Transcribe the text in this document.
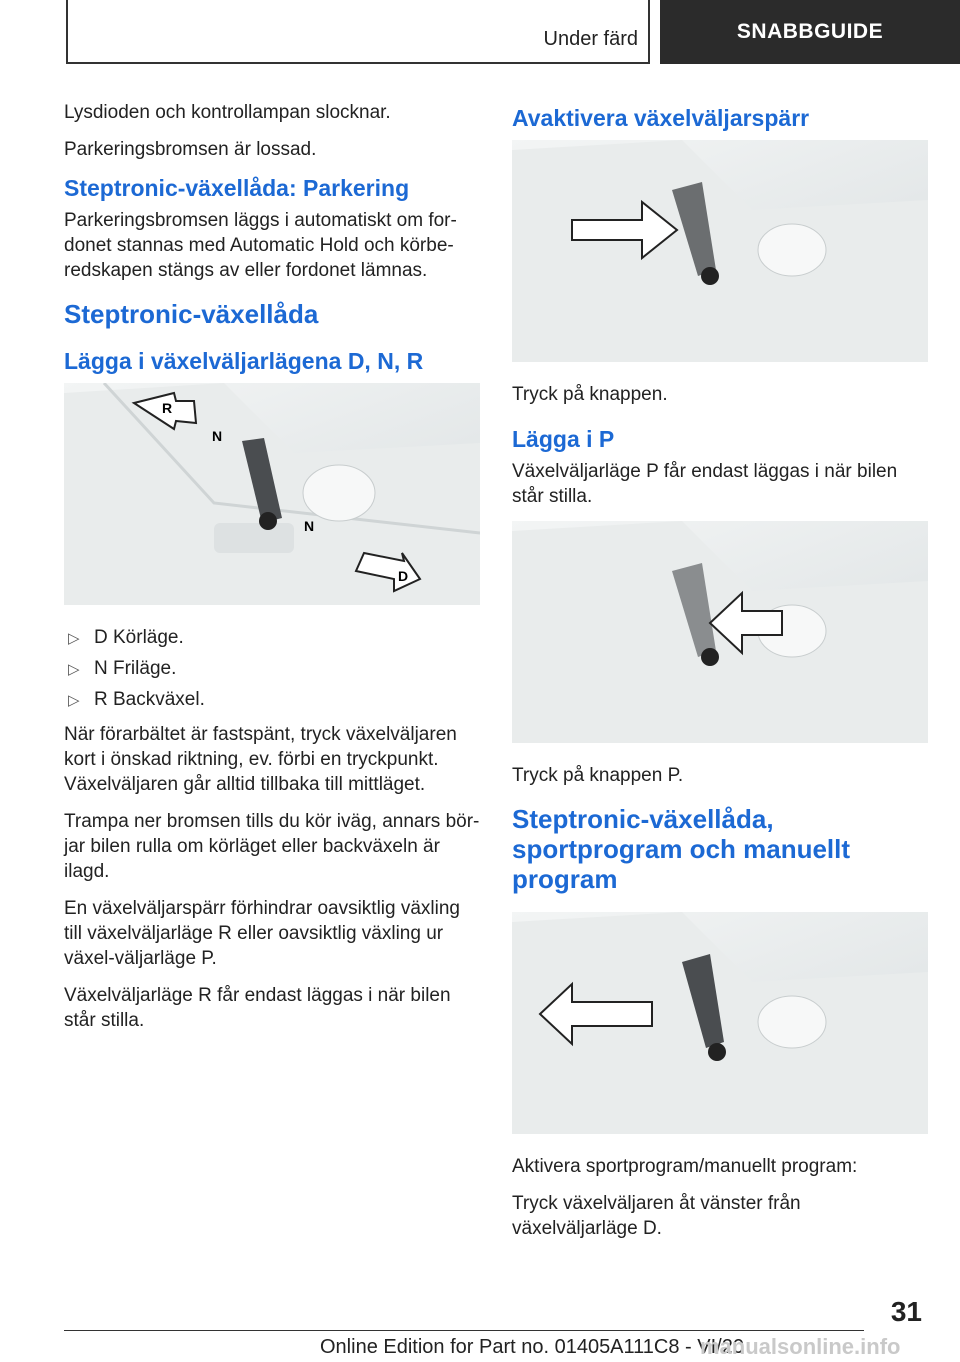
Under färd	SNABBGUIDE

Lysdioden och kontrollampan slocknar.

Parkeringsbromsen är lossad.

Steptronic-växellåda: Parkering

Parkeringsbromsen läggs i automatiskt om for-donet stannas med Automatic Hold och körbe-redskapen stängs av eller fordonet lämnas.

Steptronic-växellåda
Lägga i växelväljarlägena D, N, R
R
N
N
D
▷ D Körläge.
▷ N Friläge.
▷ R Backväxel.

När förarbältet är fastspänt, tryck växelväljaren kort i önskad riktning, ev. förbi en tryckpunkt. Växelväljaren går alltid tillbaka till mittläget.

Trampa ner bromsen tills du kör iväg, annars bör-jar bilen rulla om körläget eller backväxeln är ilagd.

En växelväljarspärr förhindrar oavsiktlig växling till växelväljarläge R eller oavsiktlig växling ur växel-väljarläge P.

Växelväljarläge R får endast läggas i när bilen står stilla.

Avaktivera växelväljarspärr

Tryck på knappen.

Lägga i P

Växelväljarläge P får endast läggas i när bilen står stilla.

Tryck på knappen P.

Steptronic-växellåda, sportprogram och manuellt program

Aktivera sportprogram/manuellt program:

Tryck växelväljaren åt vänster från växelväljarläge D.

31
Online Edition for Part no. 01405A111C8 - VI/20
manualsonline.info
